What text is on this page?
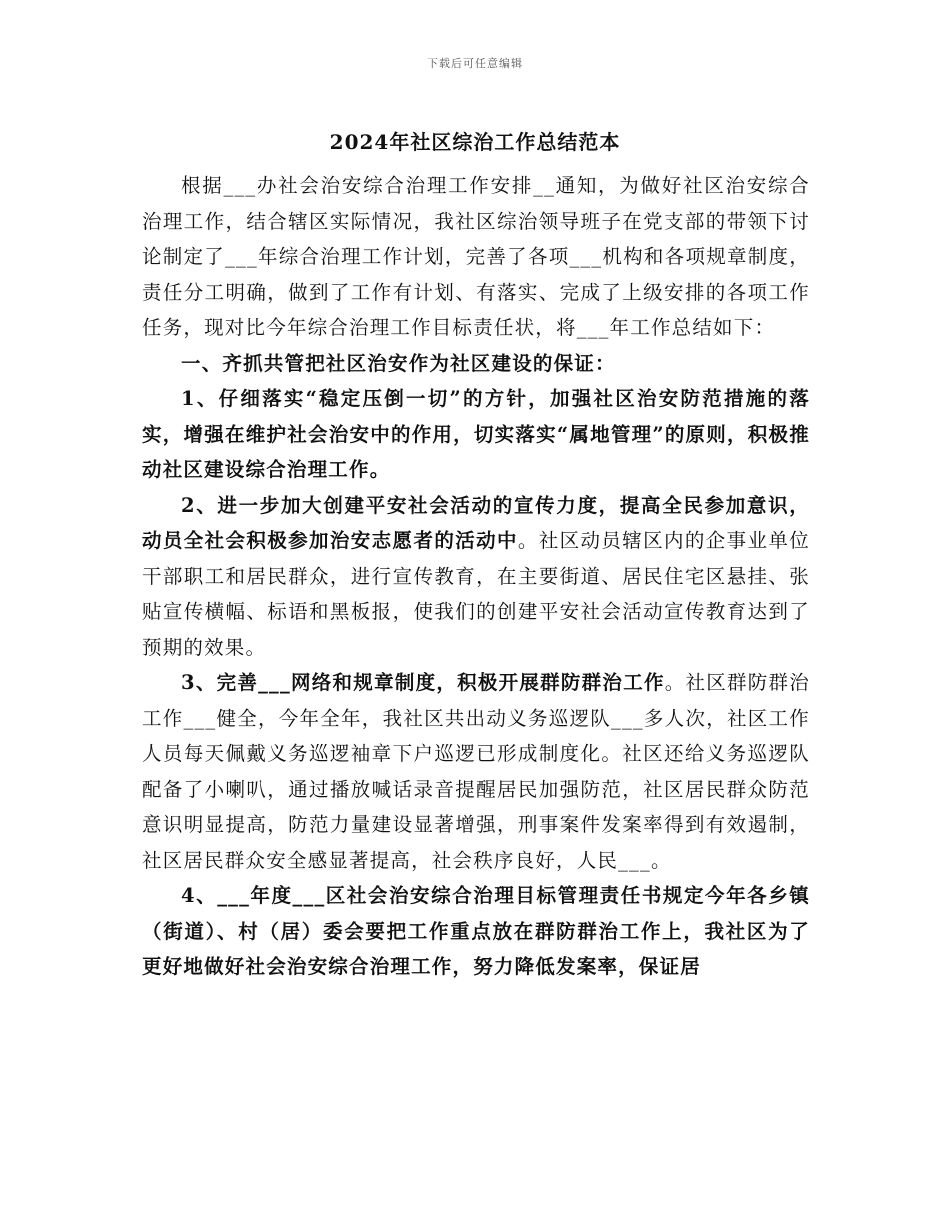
下载后可任意编辑
2024年社区综治工作总结范本

根据___办社会治安综合治理工作安排__通知，为做好社区治安综合治理工作，结合辖区实际情况，我社区综治领导班子在党支部的带领下讨论制定了___年综合治理工作计划，完善了各项___机构和各项规章制度，责任分工明确，做到了工作有计划、有落实、完成了上级安排的各项工作任务，现对比今年综合治理工作目标责任状，将___年工作总结如下：

一、齐抓共管把社区治安作为社区建设的保证：

1、仔细落实“稳定压倒一切”的方针，加强社区治安防范措施的落实，增强在维护社会治安中的作用，切实落实“属地管理”的原则，积极推动社区建设综合治理工作。

2、进一步加大创建平安社会活动的宣传力度，提高全民参加意识，动员全社会积极参加治安志愿者的活动中。社区动员辖区内的企事业单位干部职工和居民群众，进行宣传教育，在主要街道、居民住宅区悬挂、张贴宣传横幅、标语和黑板报，使我们的创建平安社会活动宣传教育达到了预期的效果。

3、完善___网络和规章制度，积极开展群防群治工作。社区群防群治工作___健全，今年全年，我社区共出动义务巡逻队___多人次，社区工作人员每天佩戴义务巡逻袖章下户巡逻已形成制度化。社区还给义务巡逻队配备了小喇叭，通过播放喊话录音提醒居民加强防范，社区居民群众防范意识明显提高，防范力量建设显著增强，刑事案件发案率得到有效遏制，社区居民群众安全感显著提高，社会秩序良好，人民___。

4、___年度___区社会治安综合治理目标管理责任书规定今年各乡镇（街道）、村（居）委会要把工作重点放在群防群治工作上，我社区为了更好地做好社会治安综合治理工作，努力降低发案率，保证居
